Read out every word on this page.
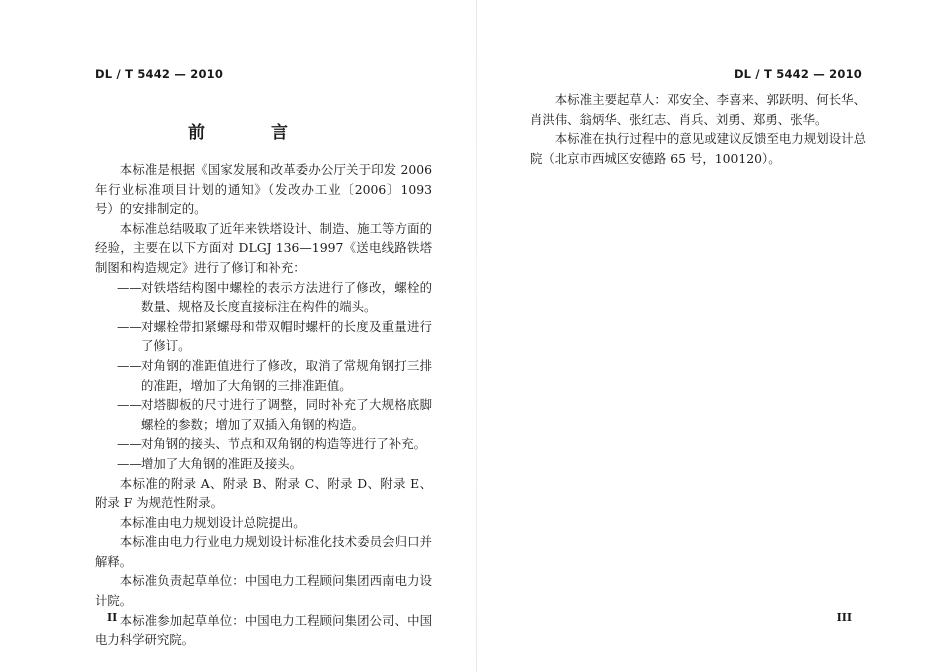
DL / T 5442 — 2010
前 言

本标准是根据《国家发展和改革委办公厅关于印发 2006 年行业标准项目计划的通知》（发改办工业〔2006〕1093 号）的安排制定的。

本标准总结吸取了近年来铁塔设计、制造、施工等方面的经验，主要在以下方面对 DLGJ 136—1997《送电线路铁塔制图和构造规定》进行了修订和补充：

—— 对铁塔结构图中螺栓的表示方法进行了修改，螺栓的数量、规格及长度直接标注在构件的端头。

—— 对螺栓带扣紧螺母和带双帽时螺杆的长度及重量进行了修订。

—— 对角钢的准距值进行了修改，取消了常规角钢打三排的准距，增加了大角钢的三排准距值。

—— 对塔脚板的尺寸进行了调整，同时补充了大规格底脚螺栓的参数；增加了双插入角钢的构造。

—— 对角钢的接头、节点和双角钢的构造等进行了补充。

—— 增加了大角钢的准距及接头。

本标准的附录 A、附录 B、附录 C、附录 D、附录 E、附录 F 为规范性附录。

本标准由电力规划设计总院提出。

本标准由电力行业电力规划设计标准化技术委员会归口并解释。

本标准负责起草单位：中国电力工程顾问集团西南电力设计院。

本标准参加起草单位：中国电力工程顾问集团公司、中国电力科学研究院。

II
DL / T 5442 — 2010

本标准主要起草人：邓安全、李喜来、郭跃明、何长华、肖洪伟、翁炳华、张红志、肖兵、刘勇、郑勇、张华。

本标准在执行过程中的意见或建议反馈至电力规划设计总院（北京市西城区安德路 65 号，100120）。

III
